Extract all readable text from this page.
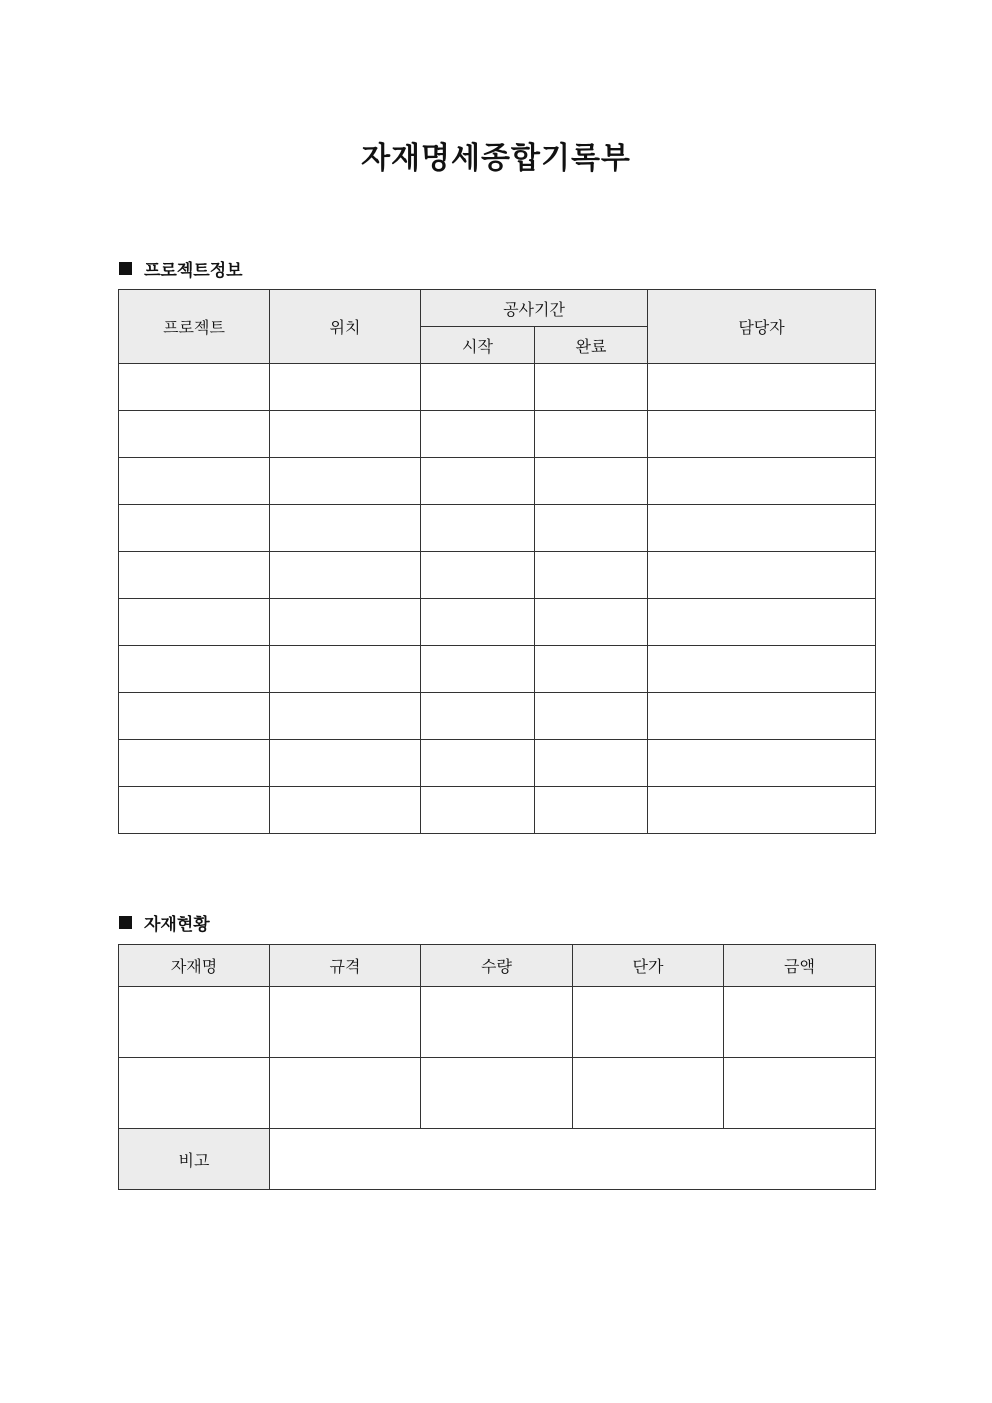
자재명세종합기록부
프로젝트정보
프로젝트	위치	공사기간		담당자
		시작	완료	

자재현황
자재명	규격	수량	단가	금액

비고				
